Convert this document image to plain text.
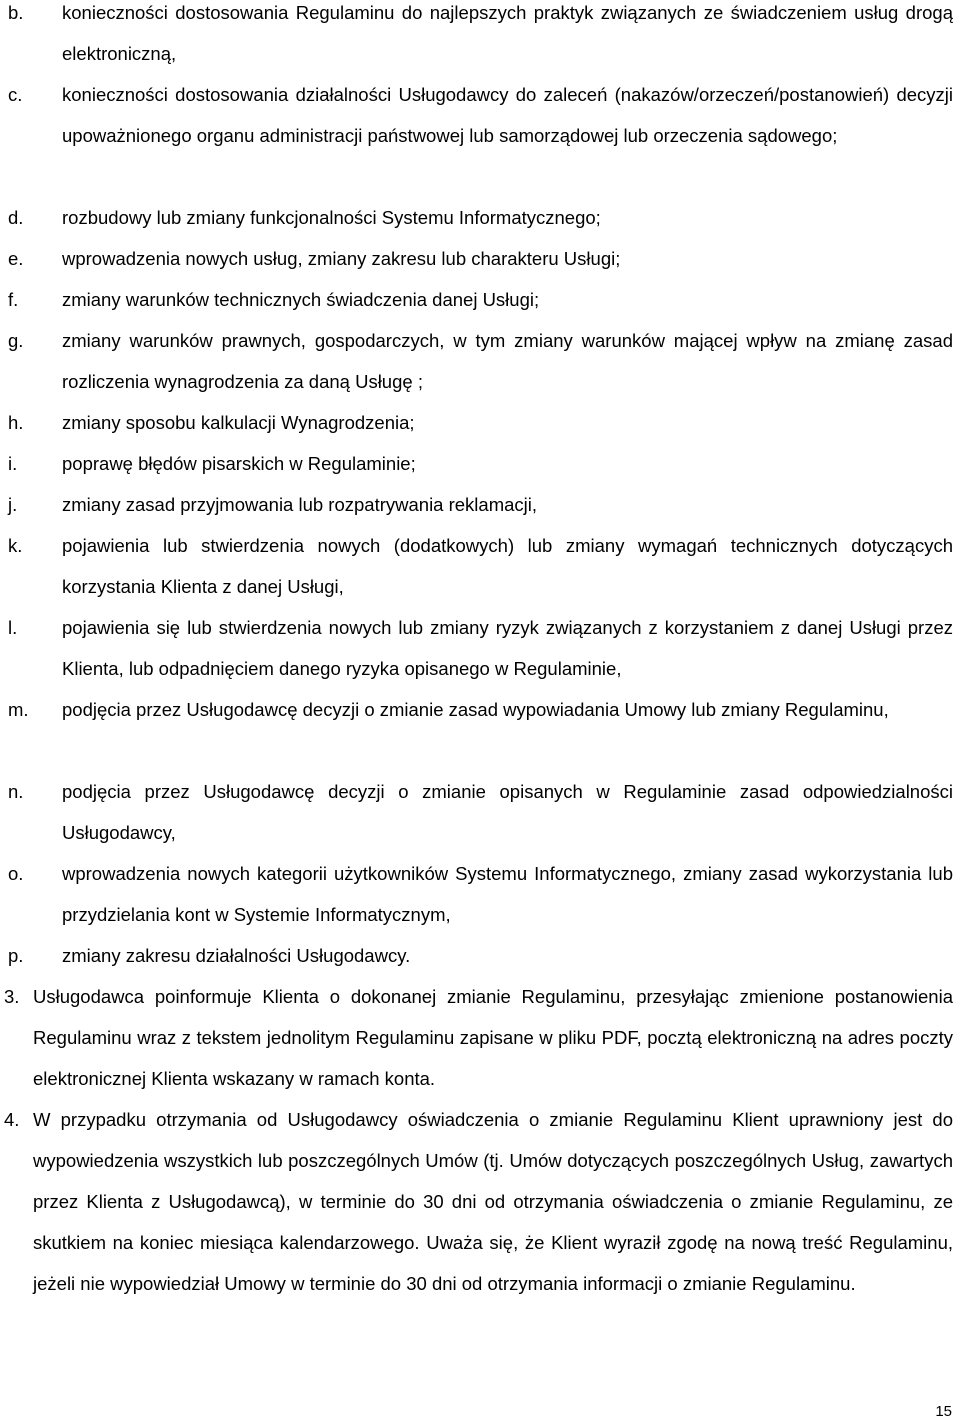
b. konieczności dostosowania Regulaminu do najlepszych praktyk związanych ze świadczeniem usług drogą elektroniczną,
c. konieczności dostosowania działalności Usługodawcy do zaleceń (nakazów/orzeczeń/postanowień) decyzji upoważnionego organu administracji państwowej lub samorządowej lub orzeczenia sądowego;
d. rozbudowy lub zmiany funkcjonalności Systemu Informatycznego;
e. wprowadzenia nowych usług, zmiany zakresu lub charakteru Usługi;
f. zmiany warunków technicznych świadczenia danej Usługi;
g. zmiany warunków prawnych, gospodarczych, w tym zmiany warunków mającej wpływ na zmianę zasad rozliczenia wynagrodzenia za daną Usługę ;
h. zmiany sposobu kalkulacji Wynagrodzenia;
i. poprawę błędów pisarskich w Regulaminie;
j. zmiany zasad przyjmowania lub rozpatrywania reklamacji,
k. pojawienia lub stwierdzenia nowych (dodatkowych) lub zmiany wymagań technicznych dotyczących korzystania Klienta z danej Usługi,
l. pojawienia się lub stwierdzenia nowych lub zmiany ryzyk związanych z korzystaniem z danej Usługi przez Klienta, lub odpadnięciem danego ryzyka opisanego w Regulaminie,
m. podjęcia przez Usługodawcę decyzji o zmianie zasad wypowiadania Umowy lub zmiany Regulaminu,
n. podjęcia przez Usługodawcę decyzji o zmianie opisanych w Regulaminie zasad odpowiedzialności Usługodawcy,
o. wprowadzenia nowych kategorii użytkowników Systemu Informatycznego, zmiany zasad wykorzystania lub przydzielania kont w Systemie Informatycznym,
p. zmiany zakresu działalności Usługodawcy.
3. Usługodawca poinformuje Klienta o dokonanej zmianie Regulaminu, przesyłając zmienione postanowienia Regulaminu wraz z tekstem jednolitym Regulaminu zapisane w pliku PDF, pocztą elektroniczną na adres poczty elektronicznej Klienta wskazany w ramach konta.
4. W przypadku otrzymania od Usługodawcy oświadczenia o zmianie Regulaminu Klient uprawniony jest do wypowiedzenia wszystkich lub poszczególnych Umów (tj. Umów dotyczących poszczególnych Usług, zawartych przez Klienta z Usługodawcą), w terminie do 30 dni od otrzymania oświadczenia o zmianie Regulaminu, ze skutkiem na koniec miesiąca kalendarzowego. Uważa się, że Klient wyraził zgodę na nową treść Regulaminu, jeżeli nie wypowiedział Umowy w terminie do 30 dni od otrzymania informacji o zmianie Regulaminu.
15
